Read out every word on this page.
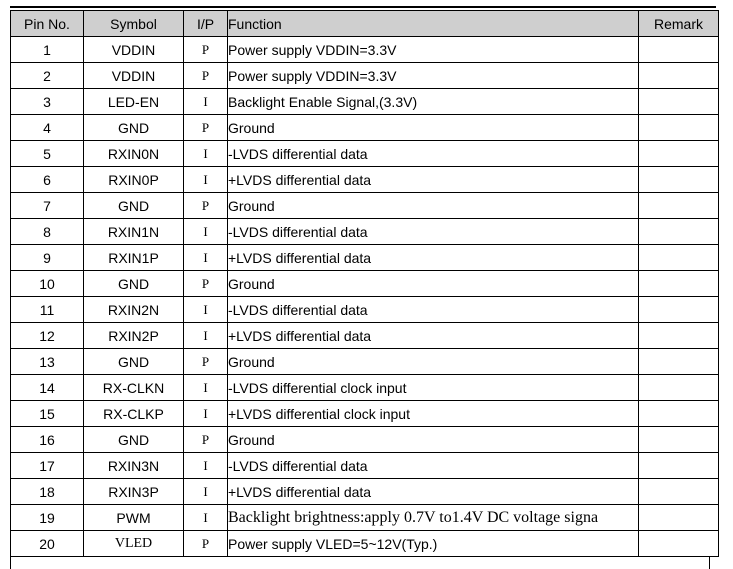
Pin No.	Symbol	I/P	Function	Remark
1	VDDIN	P	Power supply VDDIN=3.3V	
2	VDDIN	P	Power supply VDDIN=3.3V	
3	LED-EN	I	Backlight Enable Signal,(3.3V)	
4	GND	P	Ground	
5	RXIN0N	I	-LVDS differential data	
6	RXIN0P	I	+LVDS differential data	
7	GND	P	Ground	
8	RXIN1N	I	-LVDS differential data	
9	RXIN1P	I	+LVDS differential data	
10	GND	P	Ground	
11	RXIN2N	I	-LVDS differential data	
12	RXIN2P	I	+LVDS differential data	
13	GND	P	Ground	
14	RX-CLKN	I	-LVDS differential clock input	
15	RX-CLKP	I	+LVDS differential clock input	
16	GND	P	Ground	
17	RXIN3N	I	-LVDS differential data	
18	RXIN3P	I	+LVDS differential data	
19	PWM	I	Backlight brightness:apply 0.7V to1.4V DC voltage signa	
20	VLED	P	Power supply VLED=5~12V(Typ.)	
